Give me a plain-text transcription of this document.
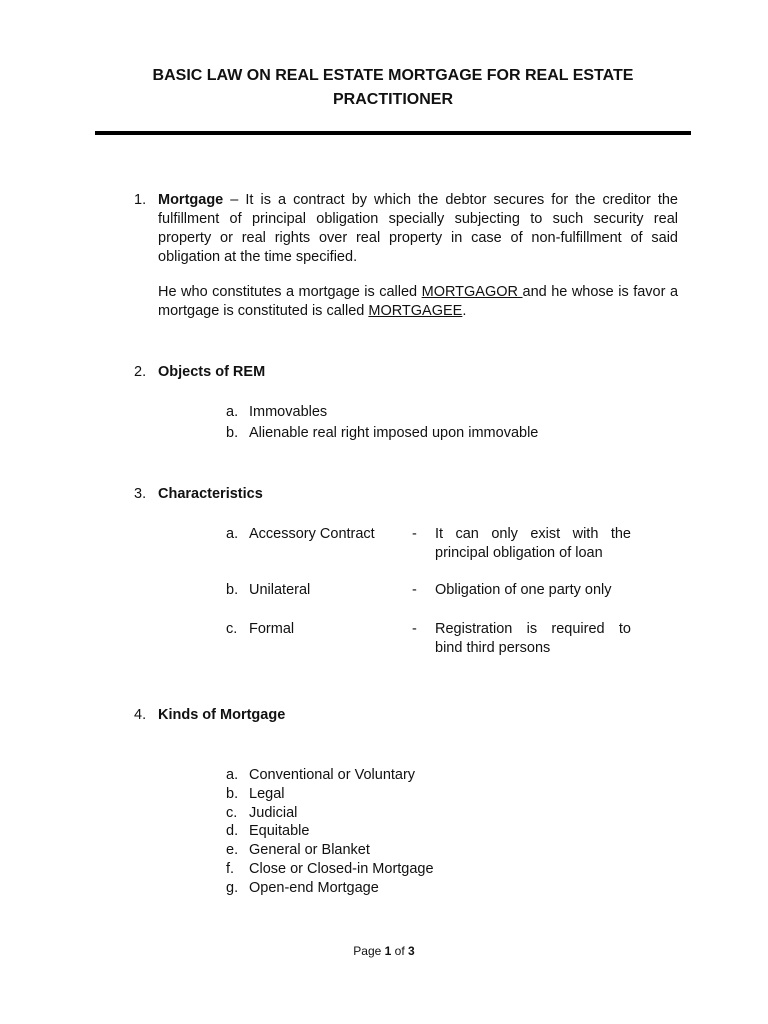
BASIC LAW ON REAL ESTATE MORTGAGE FOR REAL ESTATE
PRACTITIONER
1. Mortgage – It is a contract by which the debtor secures for the creditor the fulfillment of principal obligation specially subjecting to such security real property or real rights over real property in case of non-fulfillment of said obligation at the time specified.
He who constitutes a mortgage is called MORTGAGOR and he whose is favor a mortgage is constituted is called MORTGAGEE.
2. Objects of REM
a. Immovables
b. Alienable real right imposed upon immovable
3. Characteristics
a. Accessory Contract	- It can only exist with the principal obligation of loan
b. Unilateral	- Obligation of one party only
c. Formal	- Registration is required to bind third persons
4. Kinds of Mortgage
a. Conventional or Voluntary
b. Legal
c. Judicial
d. Equitable
e. General or Blanket
f. Close or Closed-in Mortgage
g. Open-end Mortgage
Page 1 of 3
